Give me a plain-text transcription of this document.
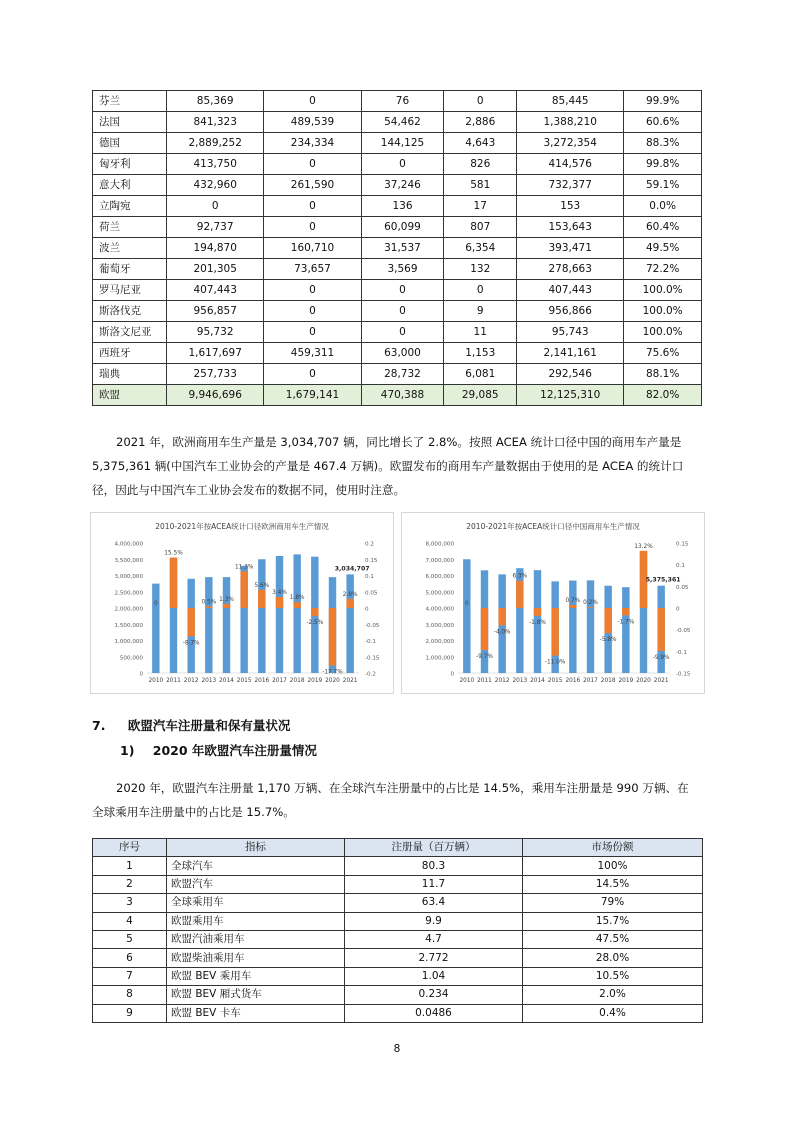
芬兰	85,369	0	76	0	85,445	99.9%
法国	841,323	489,539	54,462	2,886	1,388,210	60.6%
德国	2,889,252	234,334	144,125	4,643	3,272,354	88.3%
匈牙利	413,750	0	0	826	414,576	99.8%
意大利	432,960	261,590	37,246	581	732,377	59.1%
立陶宛	0	0	136	17	153	0.0%
荷兰	92,737	0	60,099	807	153,643	60.4%
波兰	194,870	160,710	31,537	6,354	393,471	49.5%
葡萄牙	201,305	73,657	3,569	132	278,663	72.2%
罗马尼亚	407,443	0	0	0	407,443	100.0%
斯洛伐克	956,857	0	0	9	956,866	100.0%
斯洛文尼亚	95,732	0	0	11	95,743	100.0%
西班牙	1,617,697	459,311	63,000	1,153	2,141,161	75.6%
瑞典	257,733	0	28,732	6,081	292,546	88.1%
欧盟	9,946,696	1,679,141	470,388	29,085	12,125,310	82.0%
2021 年，欧洲商用车生产量是 3,034,707 辆，同比增长了 2.8%。按照 ACEA 统计口径中国的商用车产量是
5,375,361 辆(中国汽车工业协会的产量是 467.4 万辆)。欧盟发布的商用车产量数据由于使用的是 ACEA 的统计口
径，因此与中国汽车工业协会发布的数据不同，使用时注意。
2010-2021年按ACEA统计口径欧洲商用车生产情况
0
500,000
1,000,000
1,500,000
2,000,000
2,500,000
3,000,000
3,500,000
4,000,000
-0.2
-0.15
-0.1
-0.05
0
0.05
0.1
0.15
0.2
0
2010
15.5%
2011
-8.7%
2012
0.5%
2013
1.3%
2014
11.3%
2015
5.6%
2016
3.4%
2017
1.8%
2018
-2.5%
2019
-17.7%
2020
2.8%
2021
3,034,707
2010-2021年按ACEA统计口径中国商用车生产情况
0
1,000,000
2,000,000
3,000,000
4,000,000
5,000,000
6,000,000
7,000,000
8,000,000
-0.15
-0.1
-0.05
0
0.05
0.1
0.15
0
2010
-9.7%
2011
-4.0%
2012
6.3%
2013
-1.8%
2014
-11.0%
2015
0.7%
2016
0.2%
2017
-5.8%
2018
-1.7%
2019
13.2%
2020
-9.9%
2021
5,375,361
7. 欧盟汽车注册量和保有量状况
1) 2020 年欧盟汽车注册量情况
2020 年，欧盟汽车注册量 1,170 万辆、在全球汽车注册量中的占比是 14.5%，乘用车注册量是 990 万辆、在
全球乘用车注册量中的占比是 15.7%。
序号	指标	注册量（百万辆）	市场份额
1	全球汽车	80.3	100%
2	欧盟汽车	11.7	14.5%
3	全球乘用车	63.4	79%
4	欧盟乘用车	9.9	15.7%
5	欧盟汽油乘用车	4.7	47.5%
6	欧盟柴油乘用车	2.772	28.0%
7	欧盟 BEV 乘用车	1.04	10.5%
8	欧盟 BEV 厢式货车	0.234	2.0%
9	欧盟 BEV 卡车	0.0486	0.4%
8
